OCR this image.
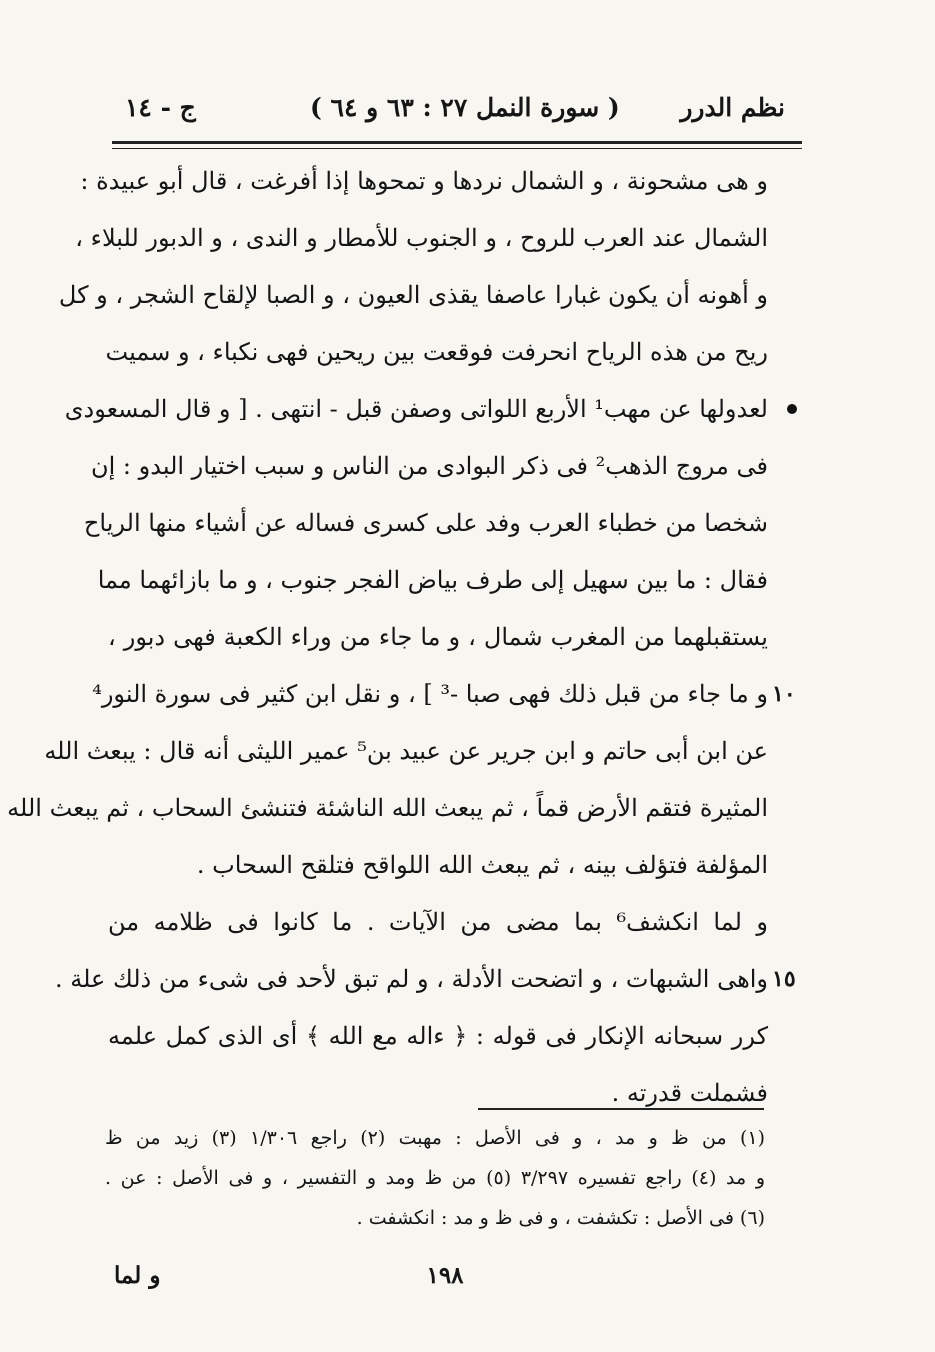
نظم الدرر
( سورة النمل ٢٧ : ٦٣ و ٦٤ )
ج - ١٤
و هى مشحونة ، و الشمال نردها و تمحوها إذا أفرغت ، قال أبو عبيدة :
الشمال عند العرب للروح ، و الجنوب للأمطار و الندى ، و الدبور للبلاء ،
و أهونه أن يكون غبارا عاصفا يقذى العيون ، و الصبا لإلقاح الشجر ، و كل
ريح من هذه الرياح انحرفت فوقعت بين ريحين فهى نكباء ، و سميت
لعدولها عن مهب¹ الأربع اللواتى وصفن قبل - انتهى . [ و قال المسعودى
فى مروج الذهب² فى ذكر البوادى من الناس و سبب اختيار البدو : إن
شخصا من خطباء العرب وفد على كسرى فساله عن أشياء منها الرياح
فقال : ما بين سهيل إلى طرف بياض الفجر جنوب ، و ما بازائهما مما
يستقبلهما من المغرب شمال ، و ما جاء من وراء الكعبة فهى دبور ،
و ما جاء من قبل ذلك فهى صبا -³ ] ، و نقل ابن كثير فى سورة النور⁴
عن ابن أبى حاتم و ابن جرير عن عبيد بن⁵ عمير الليثى أنه قال : يبعث الله
المثيرة فتقم الأرض قماً ، ثم يبعث الله الناشئة فتنشئ السحاب ، ثم يبعث الله
المؤلفة فتؤلف بينه ، ثم يبعث الله اللواقح فتلقح السحاب .
و لما انكشف⁶ بما مضى من الآيات . ما كانوا فى ظلامه من
واهى الشبهات ، و اتضحت الأدلة ، و لم تبق لأحد فى شىء من ذلك علة .
كرر سبحانه الإنكار فى قوله : ﴿ ءاله مع الله ﴾ أى الذى كمل علمه
فشملت قدرته .
١٠
١٥
(١) من ظ و مد ، و فى الأصل : مهبت (٢) راجع ١/٣٠٦ (٣) زيد من ظ
و مد (٤) راجع تفسيره ٣/٢٩٧ (٥) من ظ ومد و التفسير ، و فى الأصل : عن .
(٦) فى الأصل : تكشفت ، و فى ظ و مد : انكشفت .
و لما	١٩٨
